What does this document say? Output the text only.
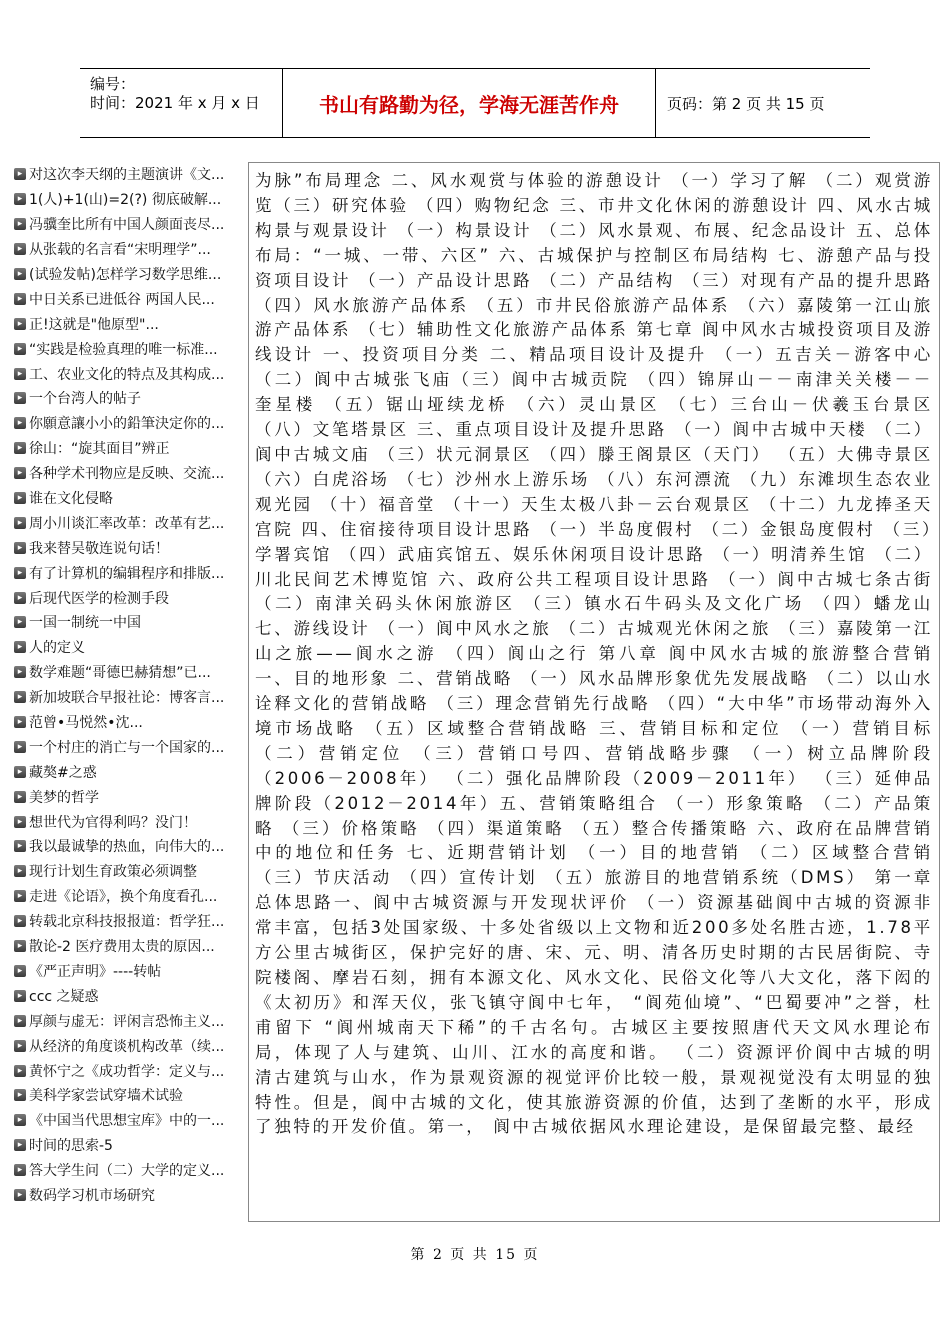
编号：
时间：2021 年 x 月 x 日	书山有路勤为径，学海无涯苦作舟	页码：第 2 页 共 15 页
▸ 对这次李天纲的主题演讲《文...
▸ 1(人)+1(山)=2(?) 彻底破解...
▸ 冯骥奎比所有中国人颜面丧尽...
▸ 从张载的名言看“宋明理学”...
▸ (试验发帖)怎样学习数学思维...
▸ 中日关系已进低谷 两国人民...
▸ 正!这就是"他原型"...
▸ “实践是检验真理的唯一标准...
▸ 工、农业文化的特点及其构成...
▸ 一个台湾人的帖子
▸ 你願意讓小小的鉛筆決定你的...
▸ 徐山：“旋其面目”辨正
▸ 各种学术刊物应是反映、交流...
▸ 谁在文化侵略
▸ 周小川谈汇率改革：改革有艺...
▸ 我来替吴敬连说句话！
▸ 有了计算机的编辑程序和排版...
▸ 后现代医学的检测手段
▸ 一国一制统一中国
▸ 人的定义
▸ 数学难题“哥德巴赫猜想”已...
▸ 新加坡联合早报社论：博客言...
▸ 范曾•马悦然•沈...
▸ 一个村庄的消亡与一个国家的...
▸ 藏獒#之惑
▸ 美梦的哲学
▸ 想世代为官得利吗？没门！
▸ 我以最诚挚的热血，向伟大的...
▸ 现行计划生育政策必须调整
▸ 走进《论语》，换个角度看孔...
▸ 转载北京科技报报道：哲学狂...
▸ 散论-2 医疗费用太贵的原因...
▸ 《严正声明》----转帖
▸ ccc 之疑惑
▸ 厚颜与虚无：评闲言恐怖主义...
▸ 从经济的角度谈机构改革（续...
▸ 黄怀宁之《成功哲学：定义与...
▸ 美科学家尝试穿墙术试验
▸ 《中国当代思想宝库》中的一...
▸ 时间的思索-5
▸ 答大学生问（二）大学的定义...
▸ 数码学习机市场研究

为脉”布局理念 二、风水观赏与体验的游憩设计 （一）学习了解 （二）观赏游览（三）研究体验 （四）购物纪念 三、市井文化休闲的游憩设计 四、风水古城构景与观景设计 （一）构景设计 （二）风水景观、布展、纪念品设计 五、总体布局：“一城、一带、六区” 六、古城保护与控制区布局结构 七、游憩产品与投资项目设计 （一）产品设计思路 （二）产品结构 （三）对现有产品的提升思路 （四）风水旅游产品体系 （五）市井民俗旅游产品体系 （六）嘉陵第一江山旅游产品体系 （七）辅助性文化旅游产品体系 第七章 阆中风水古城投资项目及游线设计 一、投资项目分类 二、精品项目设计及提升 （一）五吉关－游客中心 （二）阆中古城张飞庙（三）阆中古城贡院 （四）锦屏山－－南津关关楼－－奎星楼 （五）锯山垭续龙桥 （六）灵山景区 （七）三台山－伏羲玉台景区 （八）文笔塔景区 三、重点项目设计及提升思路 （一）阆中古城中天楼 （二）阆中古城文庙 （三）状元洞景区 （四）滕王阁景区（天门） （五）大佛寺景区 （六）白虎浴场 （七）沙州水上游乐场 （八）东河漂流 （九）东滩坝生态农业观光园 （十）福音堂 （十一）天生太极八卦－云台观景区 （十二）九龙捧圣天宫院 四、住宿接待项目设计思路 （一）半岛度假村 （二）金银岛度假村 （三）学署宾馆 （四）武庙宾馆五、娱乐休闲项目设计思路 （一）明清养生馆 （二）川北民间艺术博览馆 六、政府公共工程项目设计思路 （一）阆中古城七条古街 （二）南津关码头休闲旅游区 （三）镇水石牛码头及文化广场 （四）蟠龙山 七、游线设计 （一）阆中风水之旅 （二）古城观光休闲之旅 （三）嘉陵第一江山之旅——阆水之游 （四）阆山之行 第八章 阆中风水古城的旅游整合营销 一、目的地形象 二、营销战略 （一）风水品牌形象优先发展战略 （二）以山水诠释文化的营销战略 （三）理念营销先行战略 （四）“大中华”市场带动海外入境市场战略 （五）区域整合营销战略 三、营销目标和定位 （一）营销目标 （二）营销定位 （三）营销口号四、营销战略步骤 （一）树立品牌阶段（2006－2008年） （二）强化品牌阶段（2009－2011年） （三）延伸品牌阶段（2012－2014年）五、营销策略组合 （一）形象策略 （二）产品策略 （三）价格策略 （四）渠道策略 （五）整合传播策略 六、政府在品牌营销中的地位和任务 七、近期营销计划 （一）目的地营销 （二）区域整合营销 （三）节庆活动 （四）宣传计划 （五）旅游目的地营销系统（DMS） 第一章 总体思路一、阆中古城资源与开发现状评价 （一）资源基础阆中古城的资源非常丰富，包括3处国家级、十多处省级以上文物和近200多处名胜古迹，1.78平方公里古城街区，保护完好的唐、宋、元、明、清各历史时期的古民居街院、寺院楼阁、摩岩石刻，拥有本源文化、风水文化、民俗文化等八大文化，落下闳的《太初历》和浑天仪，张飞镇守阆中七年， “阆苑仙境”、“巴蜀要冲”之誉，杜甫留下 “阆州城南天下稀”的千古名句。古城区主要按照唐代天文风水理论布局，体现了人与建筑、山川、江水的高度和谐。 （二）资源评价阆中古城的明清古建筑与山水，作为景观资源的视觉评价比较一般，景观视觉没有太明显的独特性。但是，阆中古城的文化，使其旅游资源的价值，达到了垄断的水平，形成了独特的开发价值。第一， 阆中古城依据风水理论建设，是保留最完整、最经

第 2 页 共 15 页
